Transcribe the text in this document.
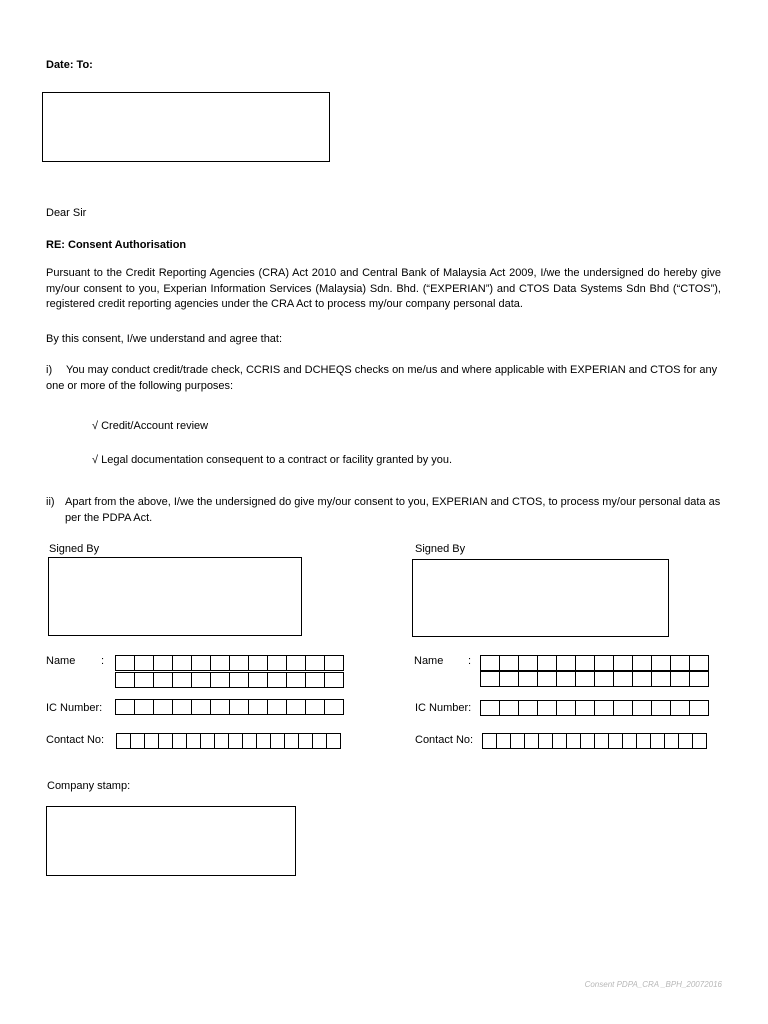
Date: To:
Dear Sir
RE: Consent Authorisation
Pursuant to the Credit Reporting Agencies (CRA) Act 2010 and Central Bank of Malaysia Act 2009, I/we the undersigned do hereby give my/our consent to you, Experian Information Services (Malaysia) Sdn. Bhd. (“EXPERIAN”) and CTOS Data Systems Sdn Bhd (“CTOS”), registered credit reporting agencies under the CRA Act to process my/our company personal data.
By this consent, I/we understand and agree that:
i)	You may conduct credit/trade check, CCRIS and DCHEQS checks on me/us and where applicable with EXPERIAN and CTOS for any one or more of the following purposes:
√ Credit/Account review
√ Legal documentation consequent to a contract or facility granted by you.
ii) Apart from the above, I/we the undersigned do give my/our consent to you, EXPERIAN and CTOS, to process my/our personal data as per the PDPA Act.
Signed By
Name :
IC Number:
Contact No:
Signed By
Name :
IC Number:
Contact No:
Company stamp:
Consent PDPA_CRA _BPH_20072016
